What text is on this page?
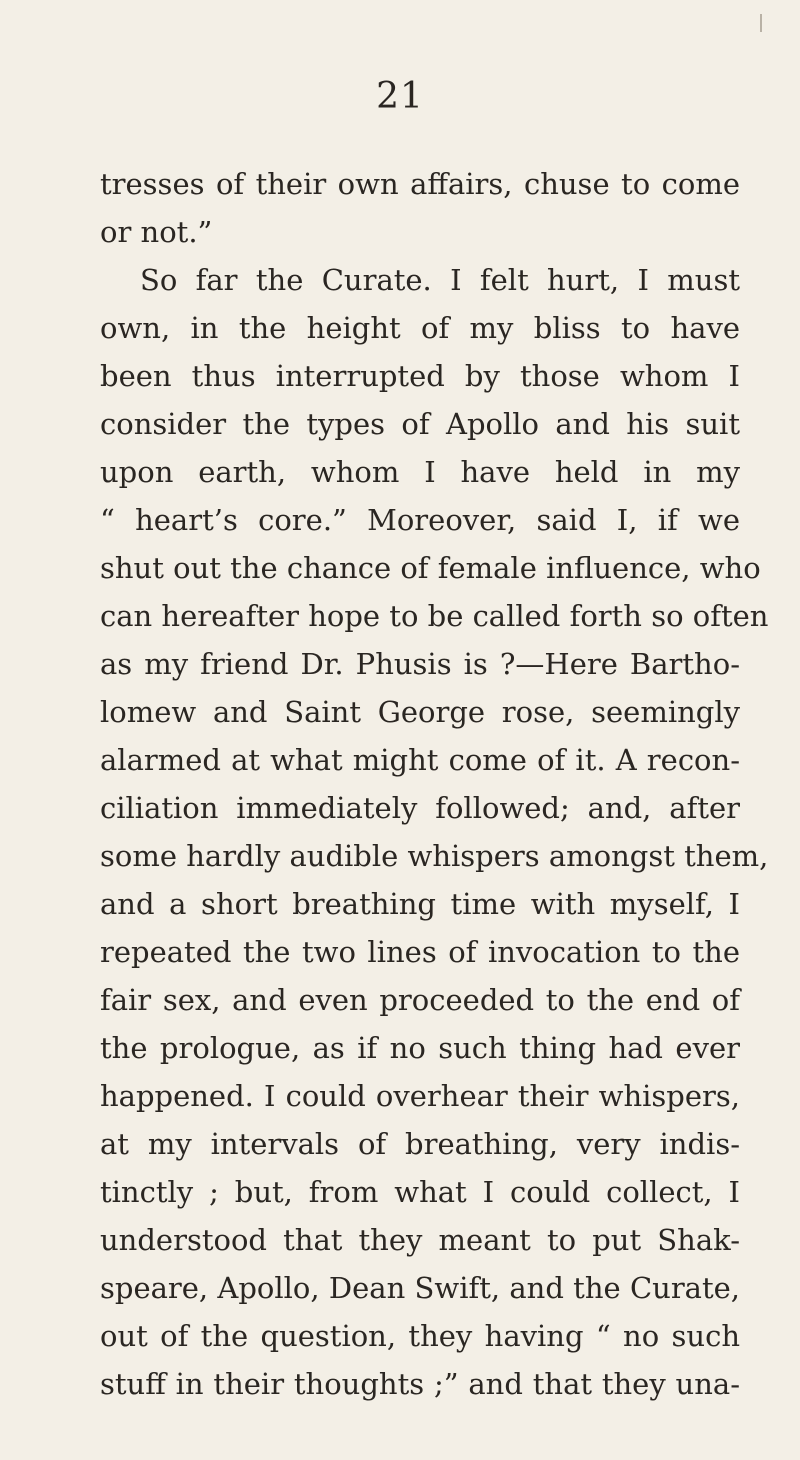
21
tresses of their own affairs, chuse to come
or not.”
So far the Curate. I felt hurt, I must
own, in the height of my bliss to have
been thus interrupted by those whom I
consider the types of Apollo and his suit
upon earth, whom I have held in my
“ heart’s core.” Moreover, said I, if we
shut out the chance of female influence, who
can hereafter hope to be called forth so often
as my friend Dr. Phusis is ?—Here Bartho-
lomew and Saint George rose, seemingly
alarmed at what might come of it. A recon-
ciliation immediately followed; and, after
some hardly audible whispers amongst them,
and a short breathing time with myself, I
repeated the two lines of invocation to the
fair sex, and even proceeded to the end of
the prologue, as if no such thing had ever
happened. I could overhear their whispers,
at my intervals of breathing, very indis-
tinctly ; but, from what I could collect, I
understood that they meant to put Shak-
speare, Apollo, Dean Swift, and the Curate,
out of the question, they having “ no such
stuff in their thoughts ;” and that they una-
